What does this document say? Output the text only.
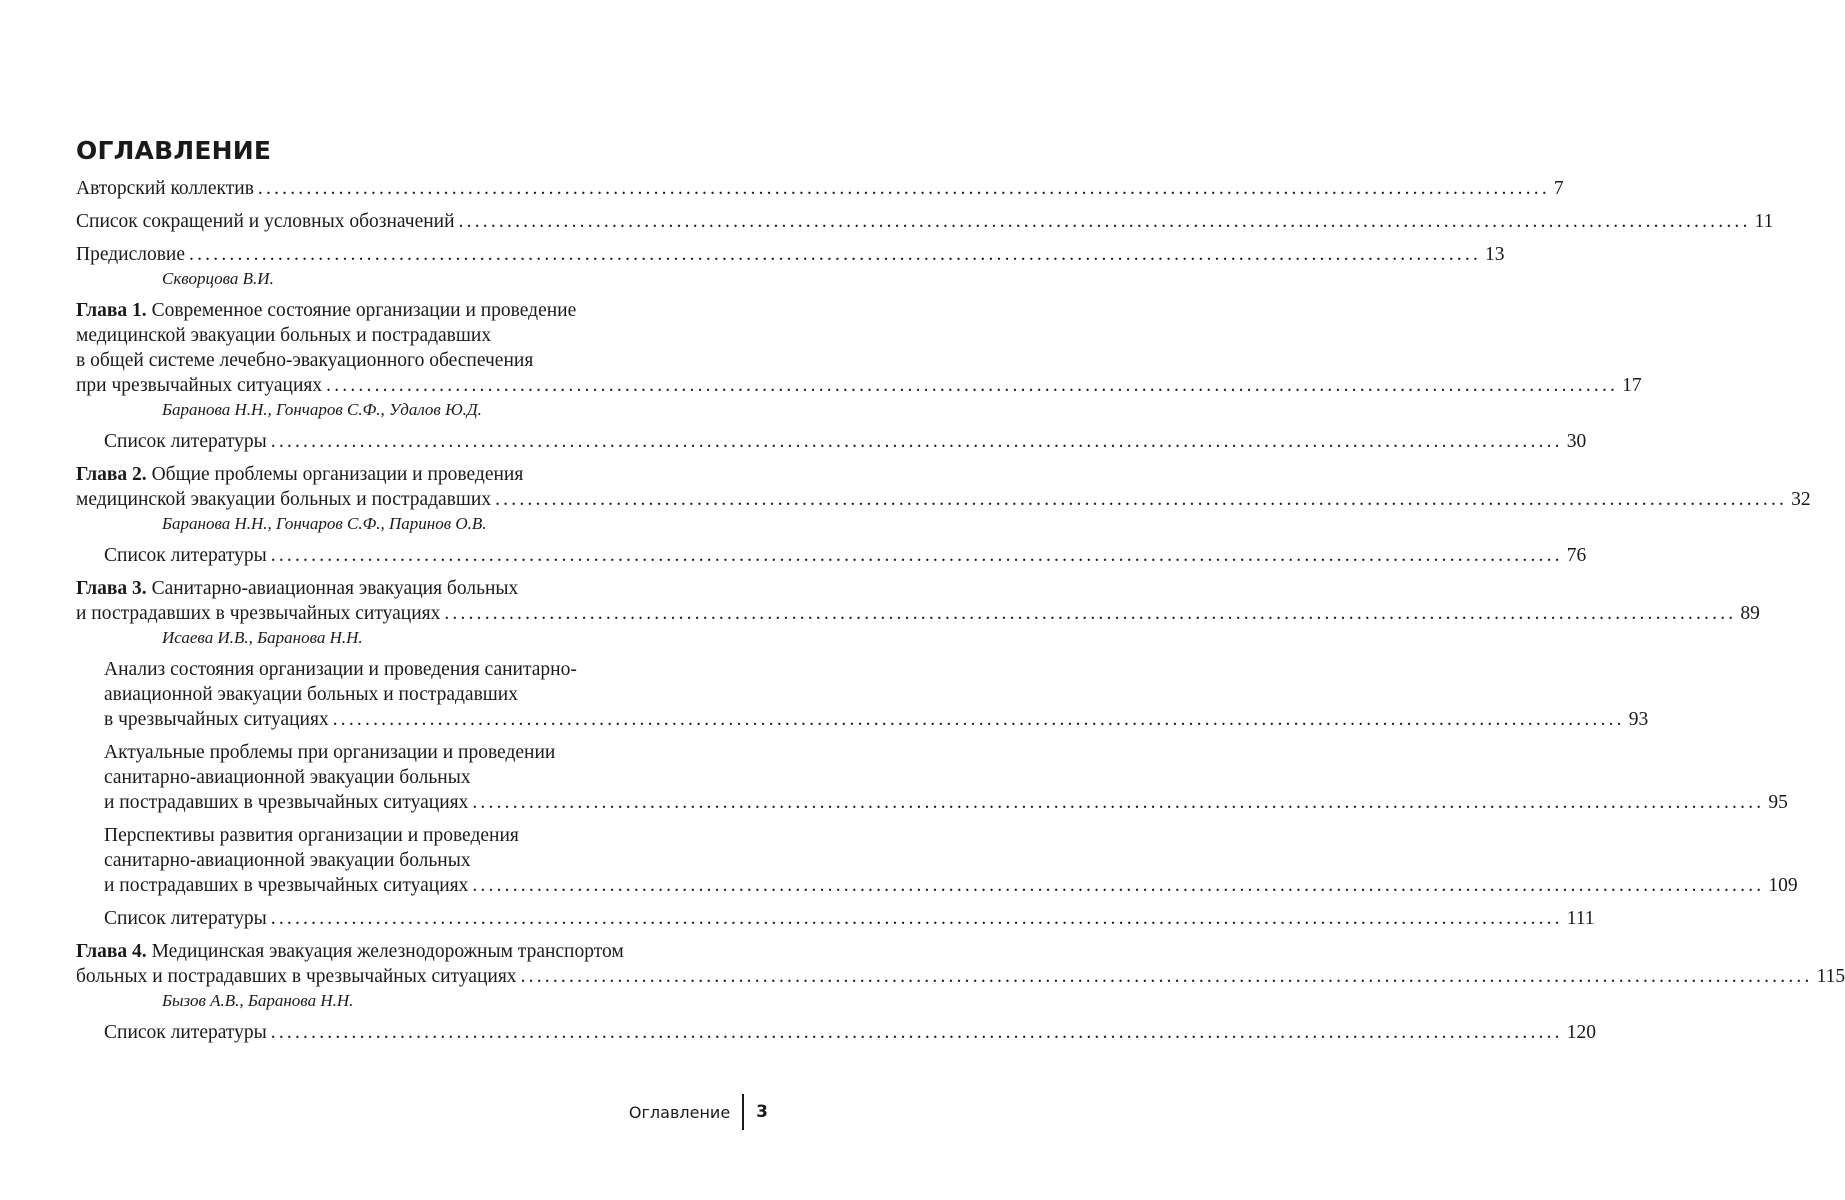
ОГЛАВЛЕНИЕ
Авторский коллектив ................................................................................................................................................................ 7
Список сокращений и условных обозначений ................................................................................................................................................................ 11
Предисловие ................................................................................................................................................................ 13
Скворцова В.И.
Глава 1. Современное состояние организации и проведение
медицинской эвакуации больных и пострадавших
в общей системе лечебно-эвакуационного обеспечения
при чрезвычайных ситуациях ................................................................................................................................................................ 17
Баранова Н.Н., Гончаров С.Ф., Удалов Ю.Д.
Список литературы ................................................................................................................................................................ 30
Глава 2. Общие проблемы организации и проведения
медицинской эвакуации больных и пострадавших ................................................................................................................................................................ 32
Баранова Н.Н., Гончаров С.Ф., Паринов О.В.
Список литературы ................................................................................................................................................................ 76
Глава 3. Санитарно-авиационная эвакуация больных
и пострадавших в чрезвычайных ситуациях ................................................................................................................................................................ 89
Исаева И.В., Баранова Н.Н.
Анализ состояния организации и проведения санитарно-
авиационной эвакуации больных и пострадавших
в чрезвычайных ситуациях ................................................................................................................................................................ 93
Актуальные проблемы при организации и проведении
санитарно-авиационной эвакуации больных
и пострадавших в чрезвычайных ситуациях ................................................................................................................................................................ 95
Перспективы развития организации и проведения
санитарно-авиационной эвакуации больных
и пострадавших в чрезвычайных ситуациях ................................................................................................................................................................ 109
Список литературы ................................................................................................................................................................ 111
Глава 4. Медицинская эвакуация железнодорожным транспортом
больных и пострадавших в чрезвычайных ситуациях ................................................................................................................................................................ 115
Бызов А.В., Баранова Н.Н.
Список литературы ................................................................................................................................................................ 120
Оглавление	3
